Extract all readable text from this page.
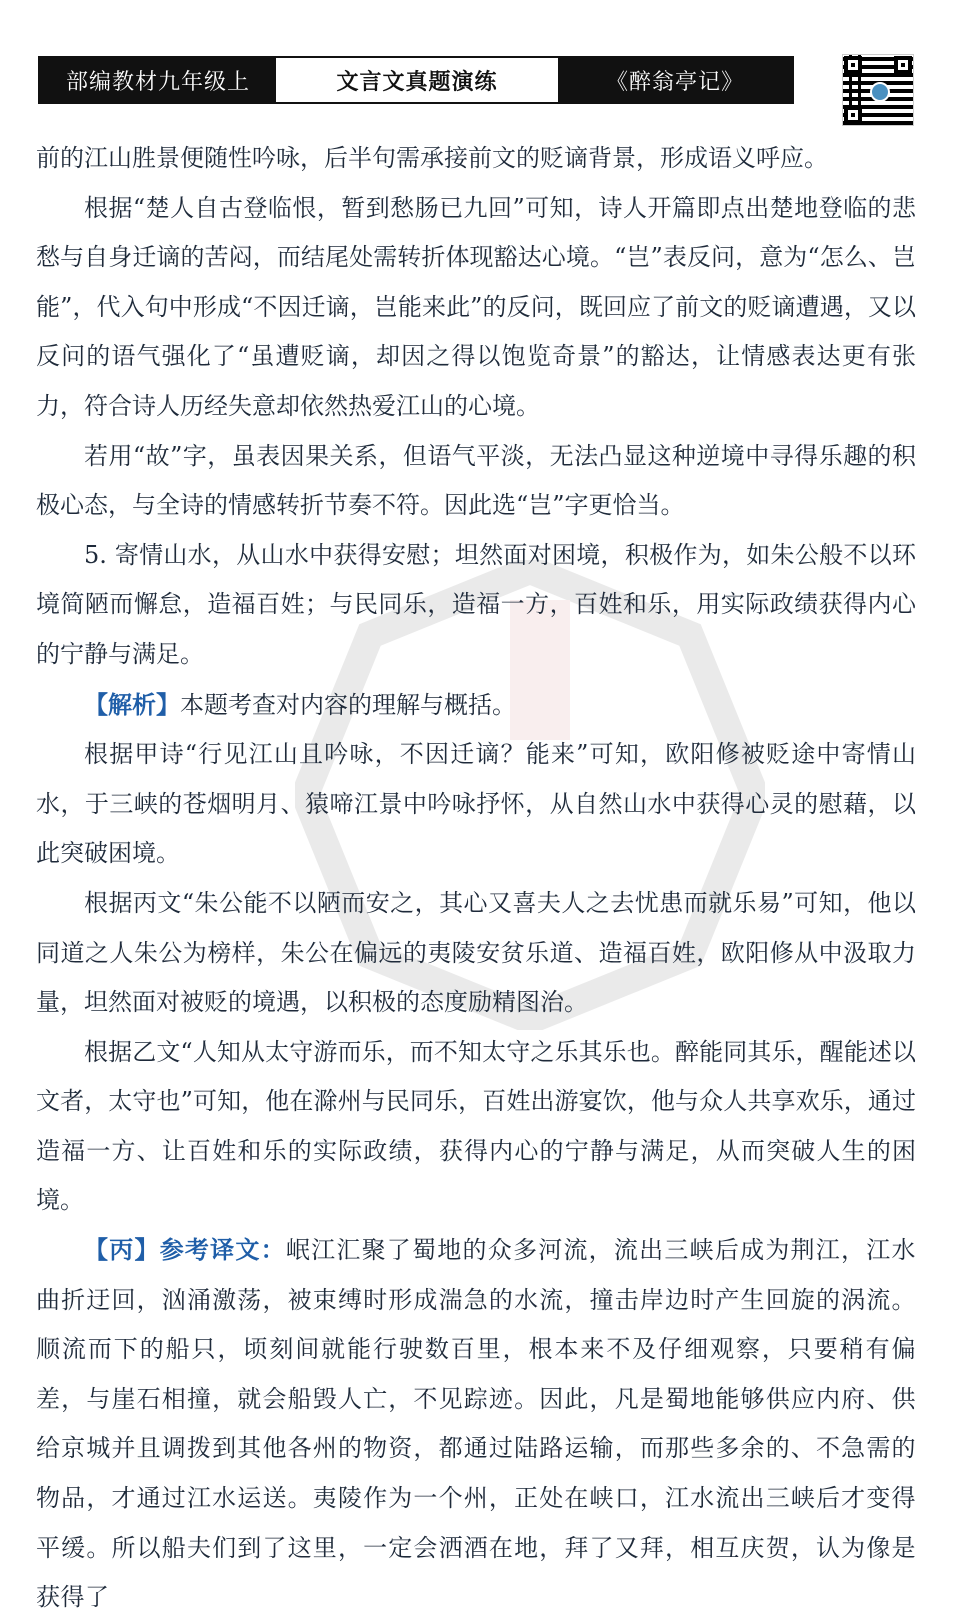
部编教材九年级上	文言文真题演练	《醉翁亭记》

前的江山胜景便随性吟咏，后半句需承接前文的贬谪背景，形成语义呼应。

根据“楚人自古登临恨，暂到愁肠已九回”可知，诗人开篇即点出楚地登临的悲愁与自身迁谪的苦闷，而结尾处需转折体现豁达心境。“岂”表反问，意为“怎么、岂能”，代入句中形成“不因迁谪，岂能来此”的反问，既回应了前文的贬谪遭遇，又以反问的语气强化了“虽遭贬谪，却因之得以饱览奇景”的豁达，让情感表达更有张力，符合诗人历经失意却依然热爱江山的心境。

若用“故”字，虽表因果关系，但语气平淡，无法凸显这种逆境中寻得乐趣的积极心态，与全诗的情感转折节奏不符。因此选“岂”字更恰当。

5. 寄情山水，从山水中获得安慰；坦然面对困境，积极作为，如朱公般不以环境简陋而懈怠，造福百姓；与民同乐，造福一方，百姓和乐，用实际政绩获得内心的宁静与满足。

【解析】本题考查对内容的理解与概括。

根据甲诗“行见江山且吟咏，不因迁谪？能来”可知，欧阳修被贬途中寄情山水，于三峡的苍烟明月、猿啼江景中吟咏抒怀，从自然山水中获得心灵的慰藉，以此突破困境。

根据丙文“朱公能不以陋而安之，其心又喜夫人之去忧患而就乐易”可知，他以同道之人朱公为榜样，朱公在偏远的夷陵安贫乐道、造福百姓，欧阳修从中汲取力量，坦然面对被贬的境遇，以积极的态度励精图治。

根据乙文“人知从太守游而乐，而不知太守之乐其乐也。醉能同其乐，醒能述以文者，太守也”可知，他在滁州与民同乐，百姓出游宴饮，他与众人共享欢乐，通过造福一方、让百姓和乐的实际政绩，获得内心的宁静与满足，从而突破人生的困境。

【丙】参考译文：岷江汇聚了蜀地的众多河流，流出三峡后成为荆江，江水曲折迂回，汹涌激荡，被束缚时形成湍急的水流，撞击岸边时产生回旋的涡流。顺流而下的船只，顷刻间就能行驶数百里，根本来不及仔细观察，只要稍有偏差，与崖石相撞，就会船毁人亡，不见踪迹。因此，凡是蜀地能够供应内府、供给京城并且调拨到其他各州的物资，都通过陆路运输，而那些多余的、不急需的物品，才通过江水运送。夷陵作为一个州，正处在峡口，江水流出三峡后才变得平缓。所以船夫们到了这里，一定会洒酒在地，拜了又拜，相互庆贺，认为像是获得了
